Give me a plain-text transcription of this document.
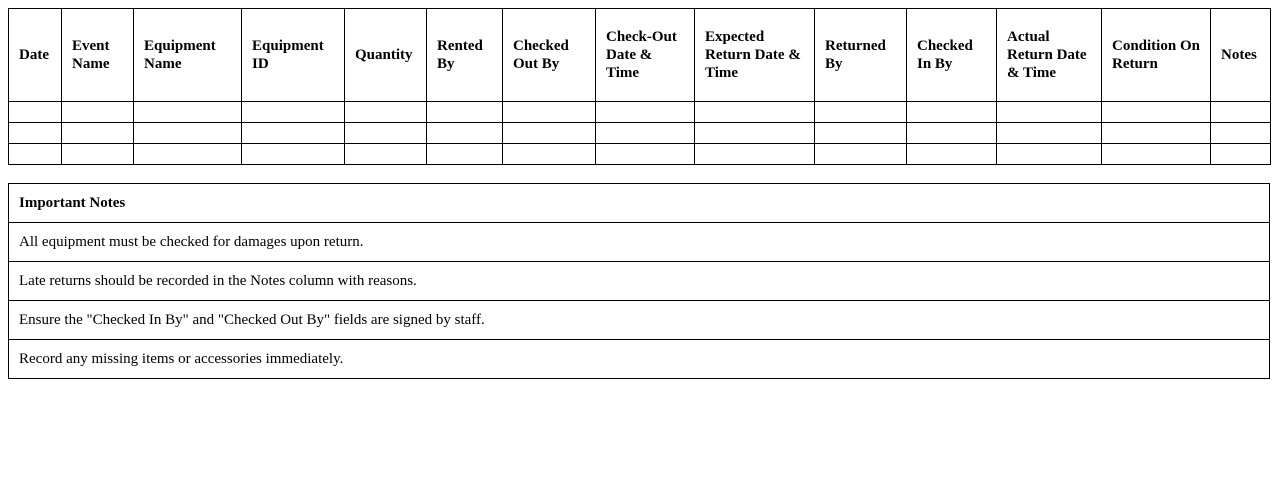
Date	Event Name	Equipment Name	Equipment ID	Quantity	Rented By	Checked Out By	Check-Out Date & Time	Expected Return Date & Time	Returned By	Checked In By	Actual Return Date & Time	Condition On Return	Notes

Important Notes
All equipment must be checked for damages upon return.
Late returns should be recorded in the Notes column with reasons.
Ensure the "Checked In By" and "Checked Out By" fields are signed by staff.
Record any missing items or accessories immediately.
